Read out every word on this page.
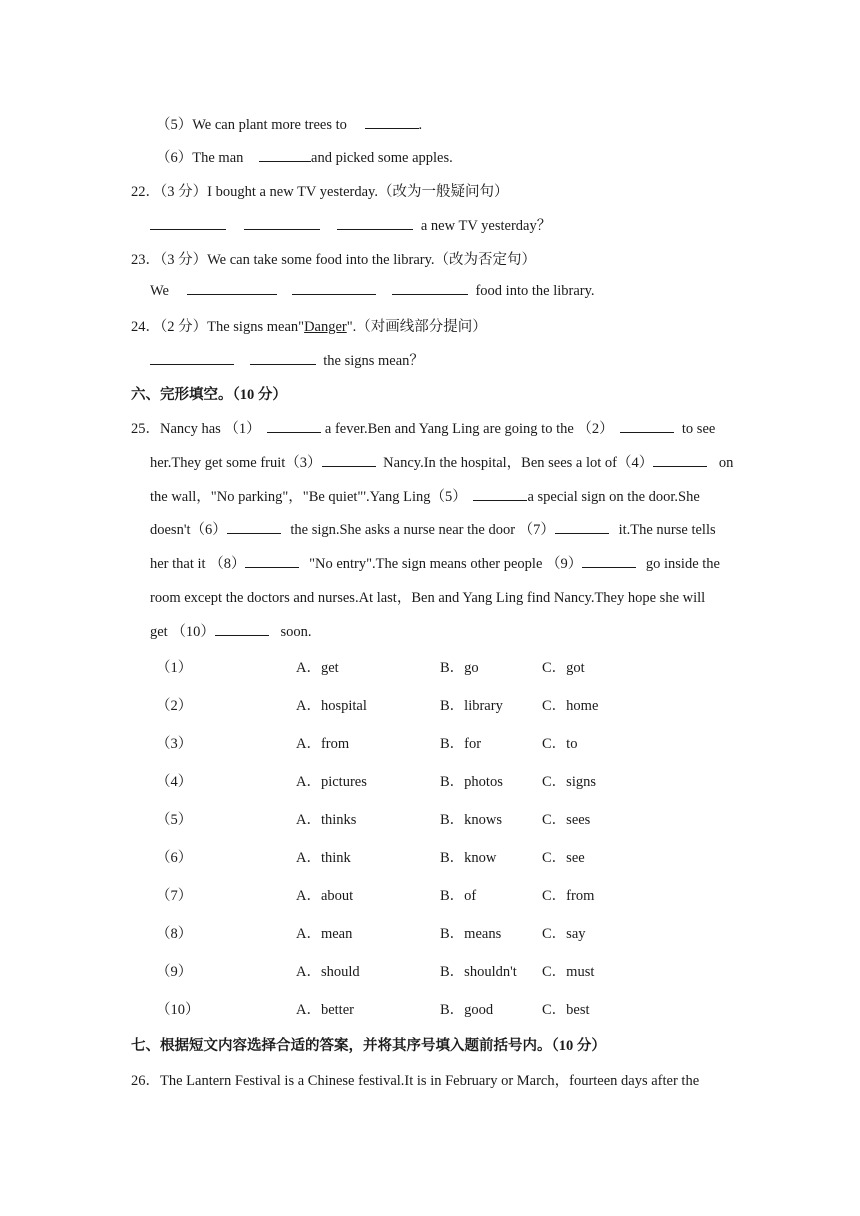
（5）We can plant more trees to	.
（6）The man	and picked some apples.
22．（3 分）I bought a new TV yesterday.（改为一般疑问句）
a new TV yesterday？
23．（3 分）We can take some food into the library.（改为否定句）
We	food into the library.
24．（2 分）The signs mean"Danger".（对画线部分提问）
the signs mean？
六、完形填空。（10 分）
25．Nancy has （1）	a fever.Ben and Yang Ling are going to the （2）	to see
her.They get some fruit（3）	Nancy.In the hospital，Ben sees a lot of（4）	on
the wall，"No parking"，"Be quiet"'.Yang Ling（5）	a special sign on the door.She
doesn't（6）	the sign.She asks a nurse near the door （7）	it.The nurse tells
her that it （8）	"No entry".The sign means other people （9）	go inside the
room except the doctors and nurses.At last，Ben and Yang Ling find Nancy.They hope she will
get （10）	soon.
（1）	A．get	B．go	C．got
（2）	A．hospital	B．library	C．home
（3）	A．from	B．for	C．to
（4）	A．pictures	B．photos	C．signs
（5）	A．thinks	B．knows	C．sees
（6）	A．think	B．know	C．see
（7）	A．about	B．of	C．from
（8）	A．mean	B．means	C．say
（9）	A．should	B．shouldn't C．must
（10）	A．better	B．good	C．best
七、根据短文内容选择合适的答案，并将其序号填入题前括号内。（10 分）
26．The Lantern Festival is a Chinese festival.It is in February or March，fourteen days after the
